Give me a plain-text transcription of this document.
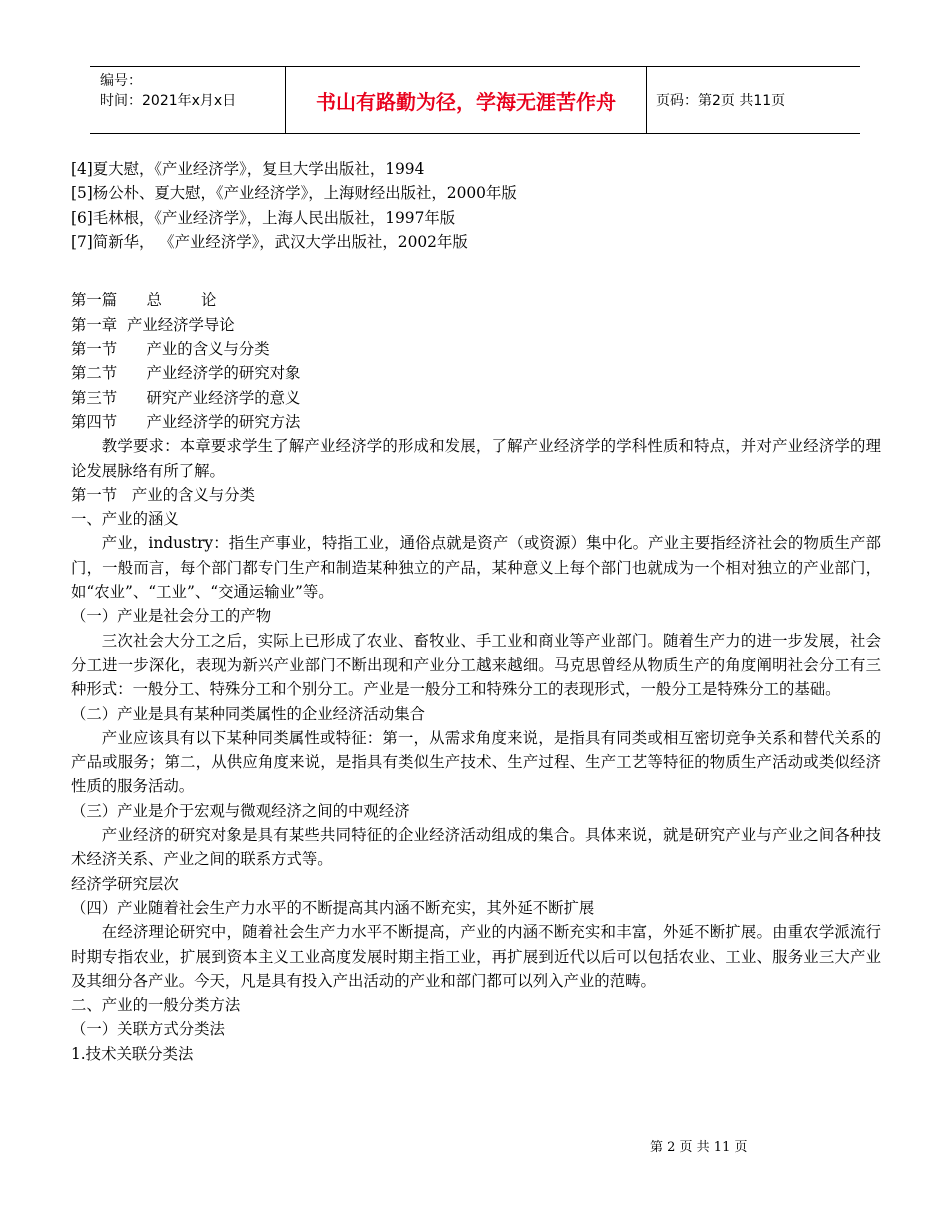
编号：
时间：2021年x月x日	书山有路勤为径，学海无涯苦作舟	页码：第2页 共11页
[4]夏大慰，《产业经济学》，复旦大学出版社，1994
[5]杨公朴、夏大慰，《产业经济学》，上海财经出版社，2000年版
[6]毛林根，《产业经济学》，上海人民出版社，1997年版
[7]简新华， 《产业经济学》，武汉大学出版社，2002年版
第一篇      总        论
第一章  产业经济学导论
第一节      产业的含义与分类
第二节      产业经济学的研究对象
第三节      研究产业经济学的意义
第四节      产业经济学的研究方法
教学要求：本章要求学生了解产业经济学的形成和发展，了解产业经济学的学科性质和特点，并对产业经济学的理论发展脉络有所了解。
第一节   产业的含义与分类
一、产业的涵义
产业，industry：指生产事业，特指工业，通俗点就是资产（或资源）集中化。产业主要指经济社会的物质生产部门，一般而言，每个部门都专门生产和制造某种独立的产品，某种意义上每个部门也就成为一个相对独立的产业部门，如“农业”、“工业”、“交通运输业”等。
（一）产业是社会分工的产物
三次社会大分工之后，实际上已形成了农业、畜牧业、手工业和商业等产业部门。随着生产力的进一步发展，社会分工进一步深化，表现为新兴产业部门不断出现和产业分工越来越细。马克思曾经从物质生产的角度阐明社会分工有三种形式：一般分工、特殊分工和个别分工。产业是一般分工和特殊分工的表现形式，一般分工是特殊分工的基础。
（二）产业是具有某种同类属性的企业经济活动集合
产业应该具有以下某种同类属性或特征：第一，从需求角度来说，是指具有同类或相互密切竞争关系和替代关系的产品或服务；第二，从供应角度来说，是指具有类似生产技术、生产过程、生产工艺等特征的物质生产活动或类似经济性质的服务活动。
（三）产业是介于宏观与微观经济之间的中观经济
产业经济的研究对象是具有某些共同特征的企业经济活动组成的集合。具体来说，就是研究产业与产业之间各种技术经济关系、产业之间的联系方式等。
经济学研究层次
（四）产业随着社会生产力水平的不断提高其内涵不断充实，其外延不断扩展
在经济理论研究中，随着社会生产力水平不断提高，产业的内涵不断充实和丰富，外延不断扩展。由重农学派流行时期专指农业，扩展到资本主义工业高度发展时期主指工业，再扩展到近代以后可以包括农业、工业、服务业三大产业及其细分各产业。今天，凡是具有投入产出活动的产业和部门都可以列入产业的范畴。
二、产业的一般分类方法
（一）关联方式分类法
1.技术关联分类法
第 2 页 共 11 页
